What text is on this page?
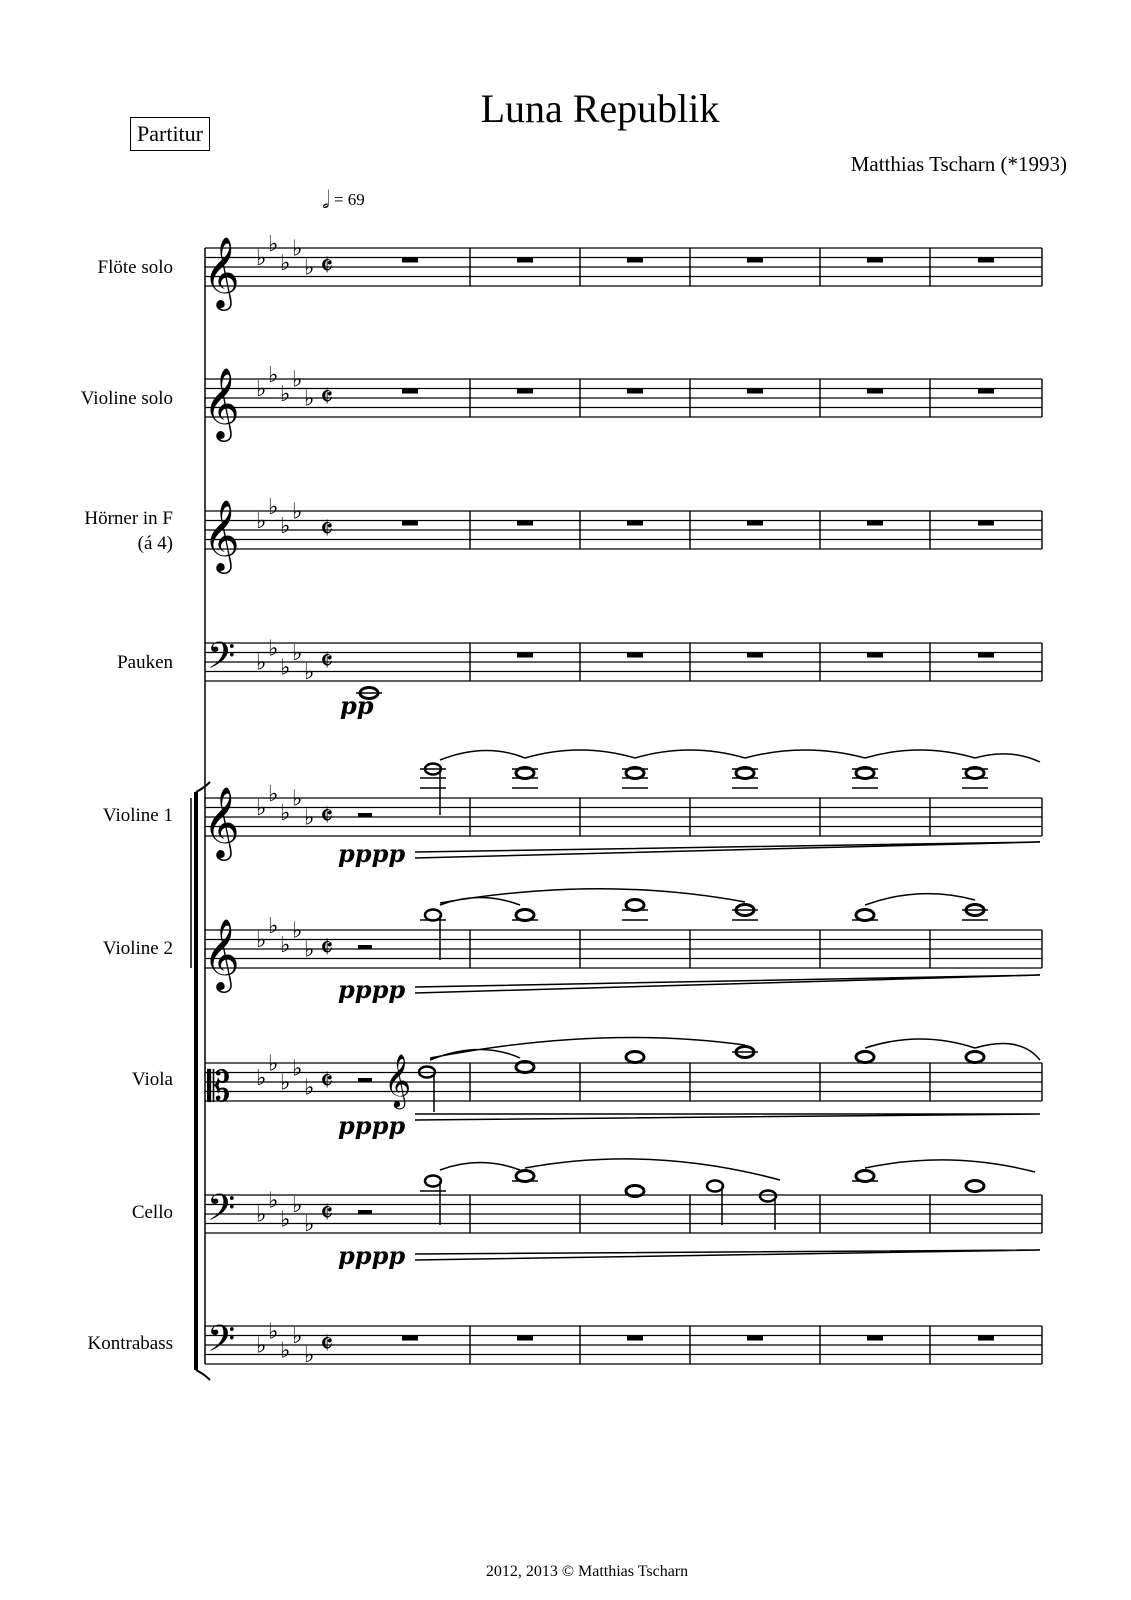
Partitur
Luna Republik
Matthias Tscharn (*1993)
𝅗𝅥 = 69
Flöte solo
Violine solo
Hörner in F
(á 4)
Pauken
Violine 1
Violine 2
Viola
Cello
Kontrabass
𝄞 ♭
♭
♭
♭
♭ 𝄵
𝄞 ♭
♭
♭
♭
♭ 𝄵
𝄞 ♭
♭
♭
♭ 𝄵
𝄢 ♭
♭
♭
♭
♭ 𝄵
𝄞 ♭
♭
♭
♭
♭ 𝄵
𝄞 ♭
♭
♭
♭
♭ 𝄵
𝄡 ♭
♭
♭
♭
♭ 𝄵
𝄢 ♭
♭
♭
♭
♭ 𝄵
𝄢 ♭
♭
♭
♭
♭ 𝄵
pp
pppp
pppp
𝄞
pppp
pppp
2012, 2013 © Matthias Tscharn
